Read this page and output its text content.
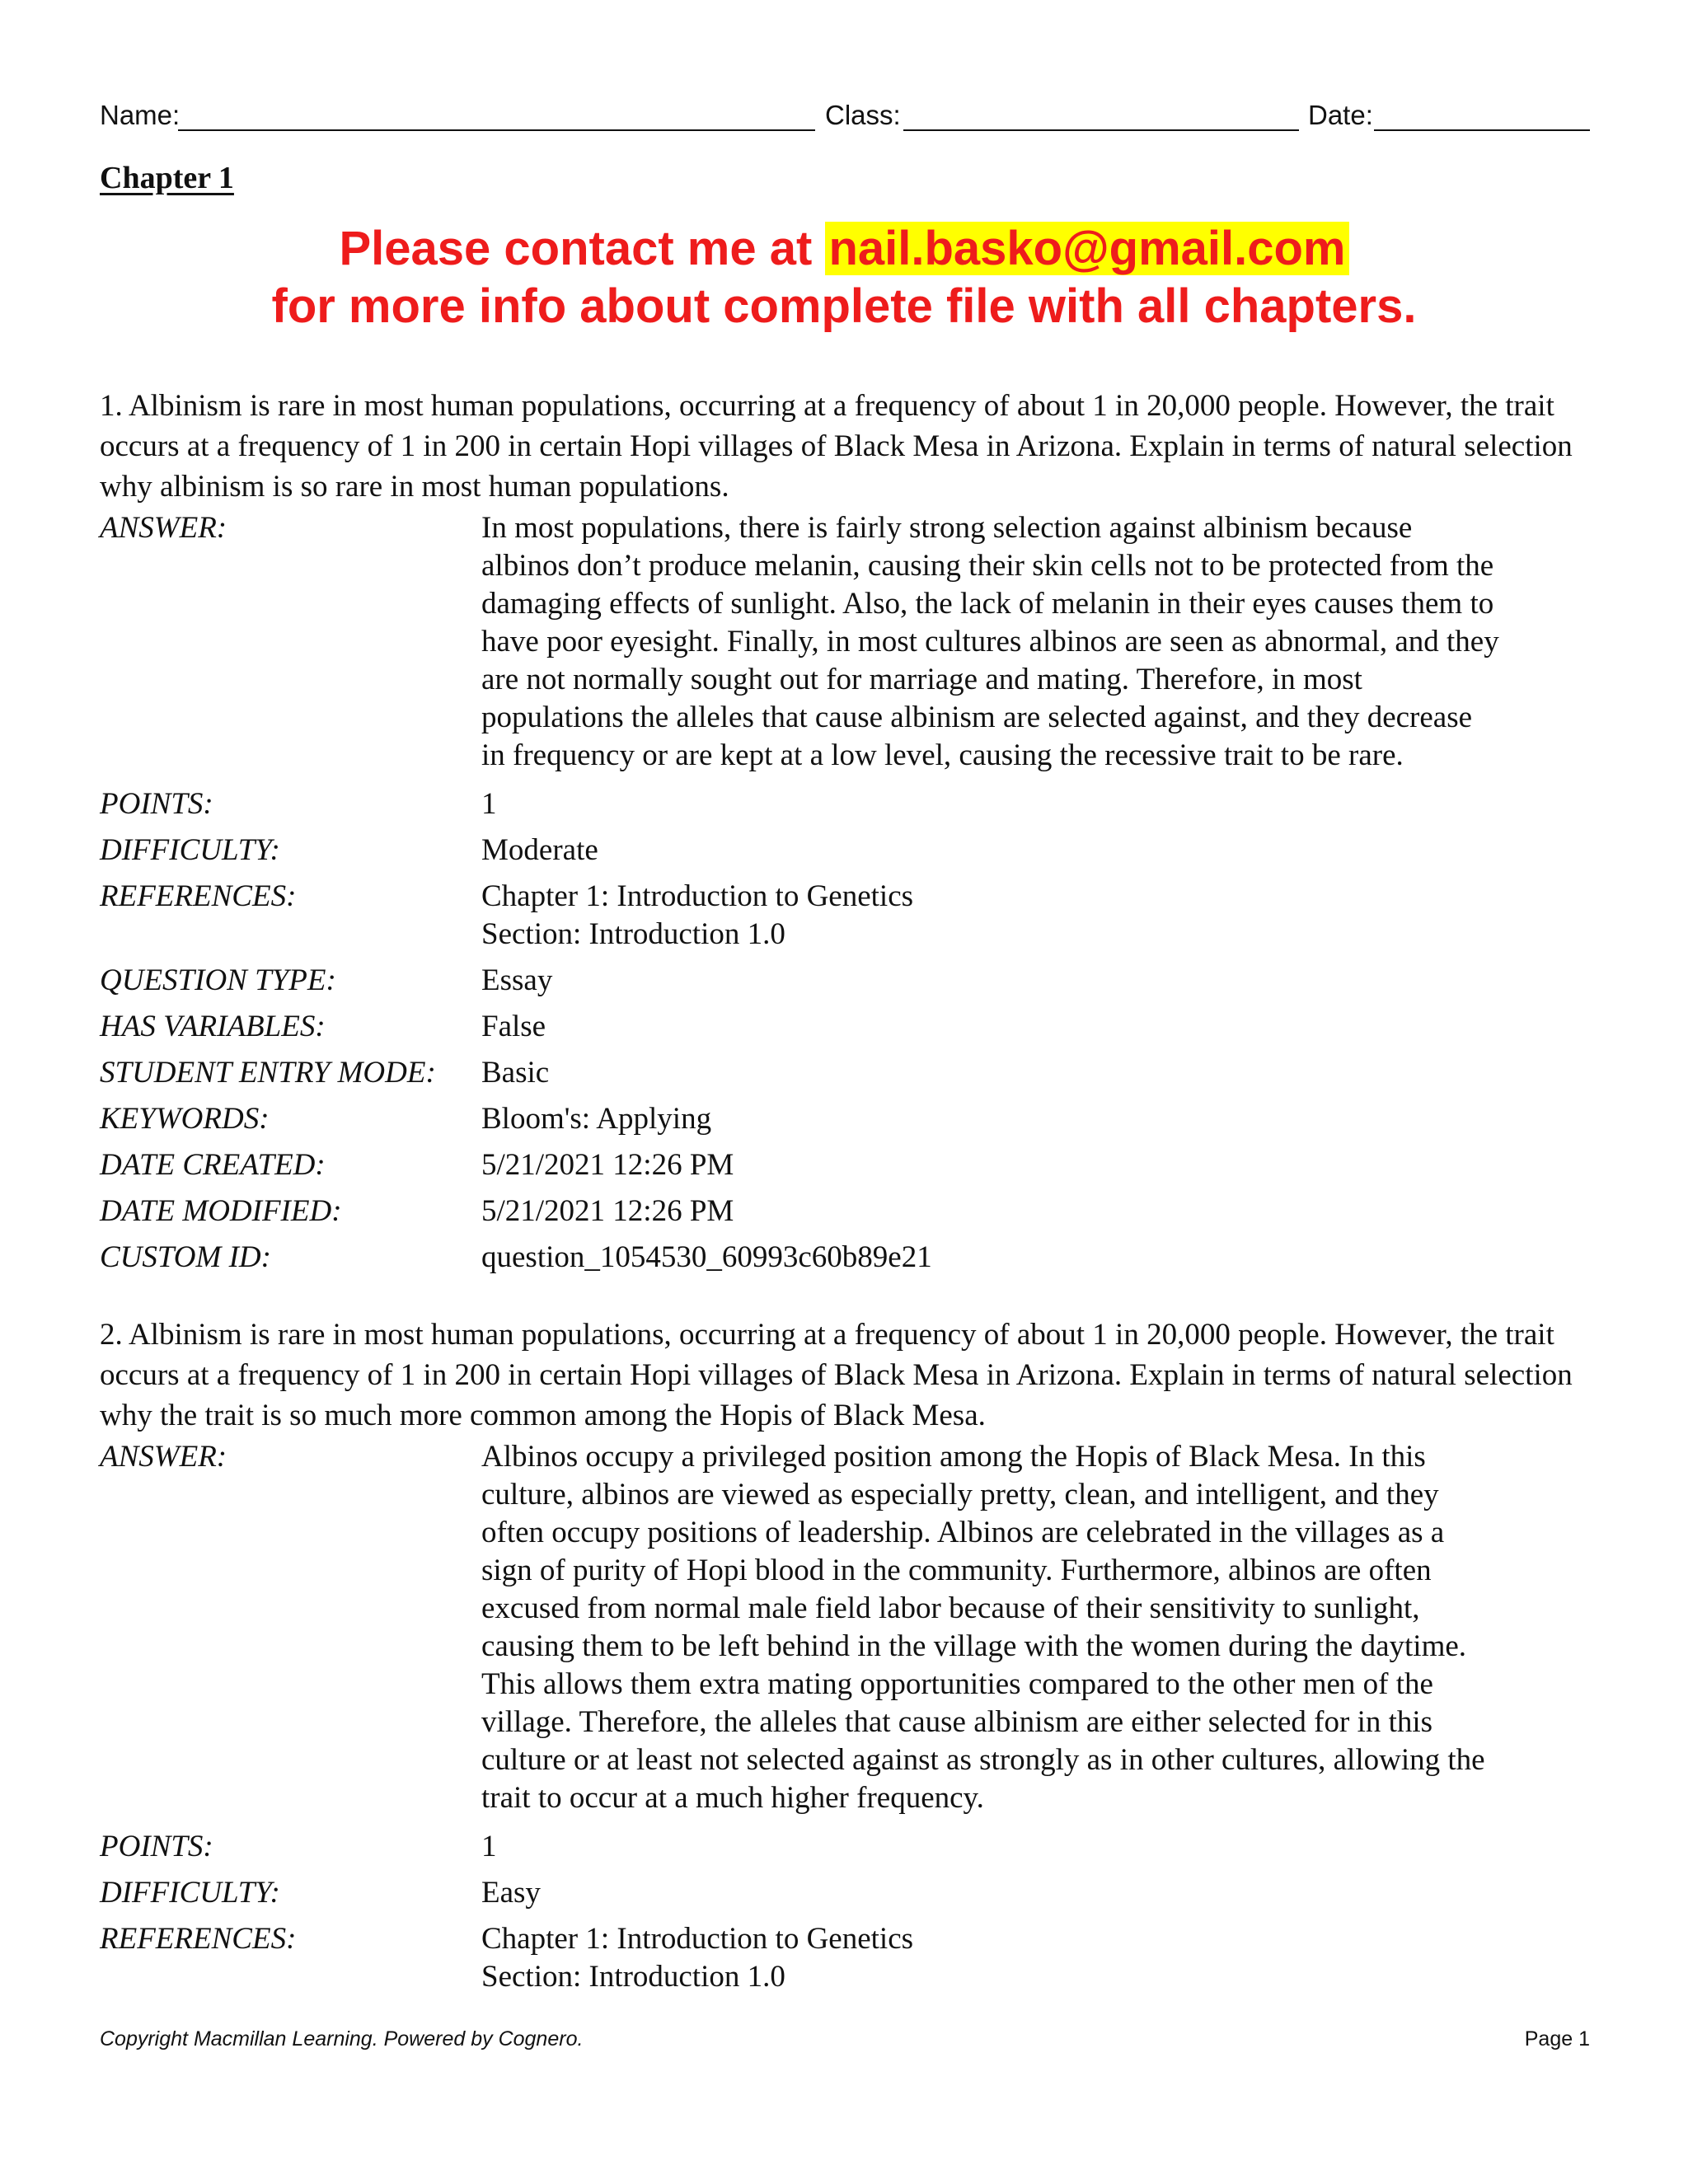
Name:	Class:	Date:
Chapter 1
Please contact me at nail.basko@gmail.com
for more info about complete file with all chapters.

1. Albinism is rare in most human populations, occurring at a frequency of about 1 in 20,000 people. However, the trait occurs at a frequency of 1 in 200 in certain Hopi villages of Black Mesa in Arizona. Explain in terms of natural selection why albinism is so rare in most human populations.

ANSWER:	In most populations, there is fairly strong selection against albinism because
albinos don’t produce melanin, causing their skin cells not to be protected from the
damaging effects of sunlight. Also, the lack of melanin in their eyes causes them to
have poor eyesight. Finally, in most cultures albinos are seen as abnormal, and they
are not normally sought out for marriage and mating. Therefore, in most
populations the alleles that cause albinism are selected against, and they decrease
in frequency or are kept at a low level, causing the recessive trait to be rare.
POINTS:	1
DIFFICULTY:	Moderate
REFERENCES:	Chapter 1: Introduction to Genetics
Section: Introduction 1.0
QUESTION TYPE:	Essay
HAS VARIABLES:	False
STUDENT ENTRY MODE: Basic
KEYWORDS:	Bloom's: Applying
DATE CREATED:	5/21/2021 12:26 PM
DATE MODIFIED:	5/21/2021 12:26 PM
CUSTOM ID:	question_1054530_60993c60b89e21

2. Albinism is rare in most human populations, occurring at a frequency of about 1 in 20,000 people. However, the trait occurs at a frequency of 1 in 200 in certain Hopi villages of Black Mesa in Arizona. Explain in terms of natural selection why the trait is so much more common among the Hopis of Black Mesa.

ANSWER:	Albinos occupy a privileged position among the Hopis of Black Mesa. In this
culture, albinos are viewed as especially pretty, clean, and intelligent, and they
often occupy positions of leadership. Albinos are celebrated in the villages as a
sign of purity of Hopi blood in the community. Furthermore, albinos are often
excused from normal male field labor because of their sensitivity to sunlight,
causing them to be left behind in the village with the women during the daytime.
This allows them extra mating opportunities compared to the other men of the
village. Therefore, the alleles that cause albinism are either selected for in this
culture or at least not selected against as strongly as in other cultures, allowing the
trait to occur at a much higher frequency.
POINTS:	1
DIFFICULTY:	Easy
REFERENCES:	Chapter 1: Introduction to Genetics
Section: Introduction 1.0
Copyright Macmillan Learning. Powered by Cognero.	Page 1
